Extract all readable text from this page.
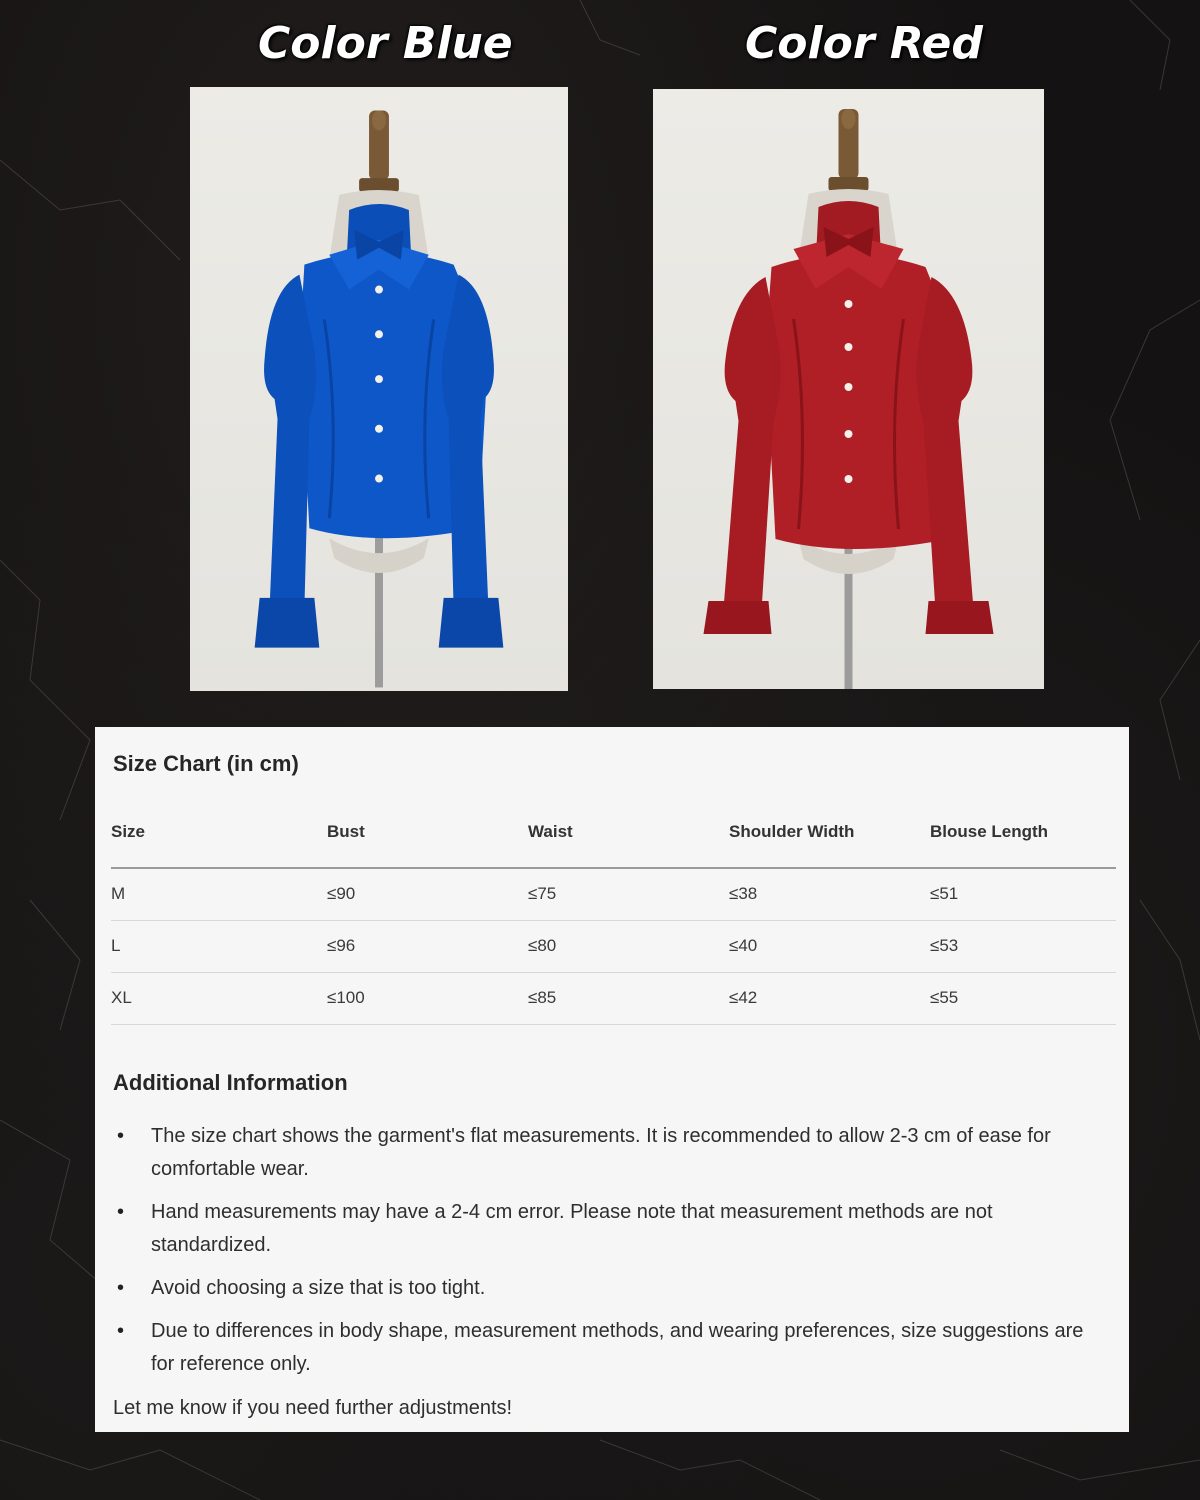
Color Blue	Color Red
Size Chart (in cm)
Size	Bust	Waist	Shoulder Width	Blouse Length
M	≤90	≤75	≤38	≤51
L	≤96	≤80	≤40	≤53
XL	≤100	≤85	≤42	≤55
Additional Information
• The size chart shows the garment's flat measurements. It is recommended to allow 2-3 cm of ease for comfortable wear.
• Hand measurements may have a 2-4 cm error. Please note that measurement methods are not standardized.
• Avoid choosing a size that is too tight.
• Due to differences in body shape, measurement methods, and wearing preferences, size suggestions are for reference only.
Let me know if you need further adjustments!
